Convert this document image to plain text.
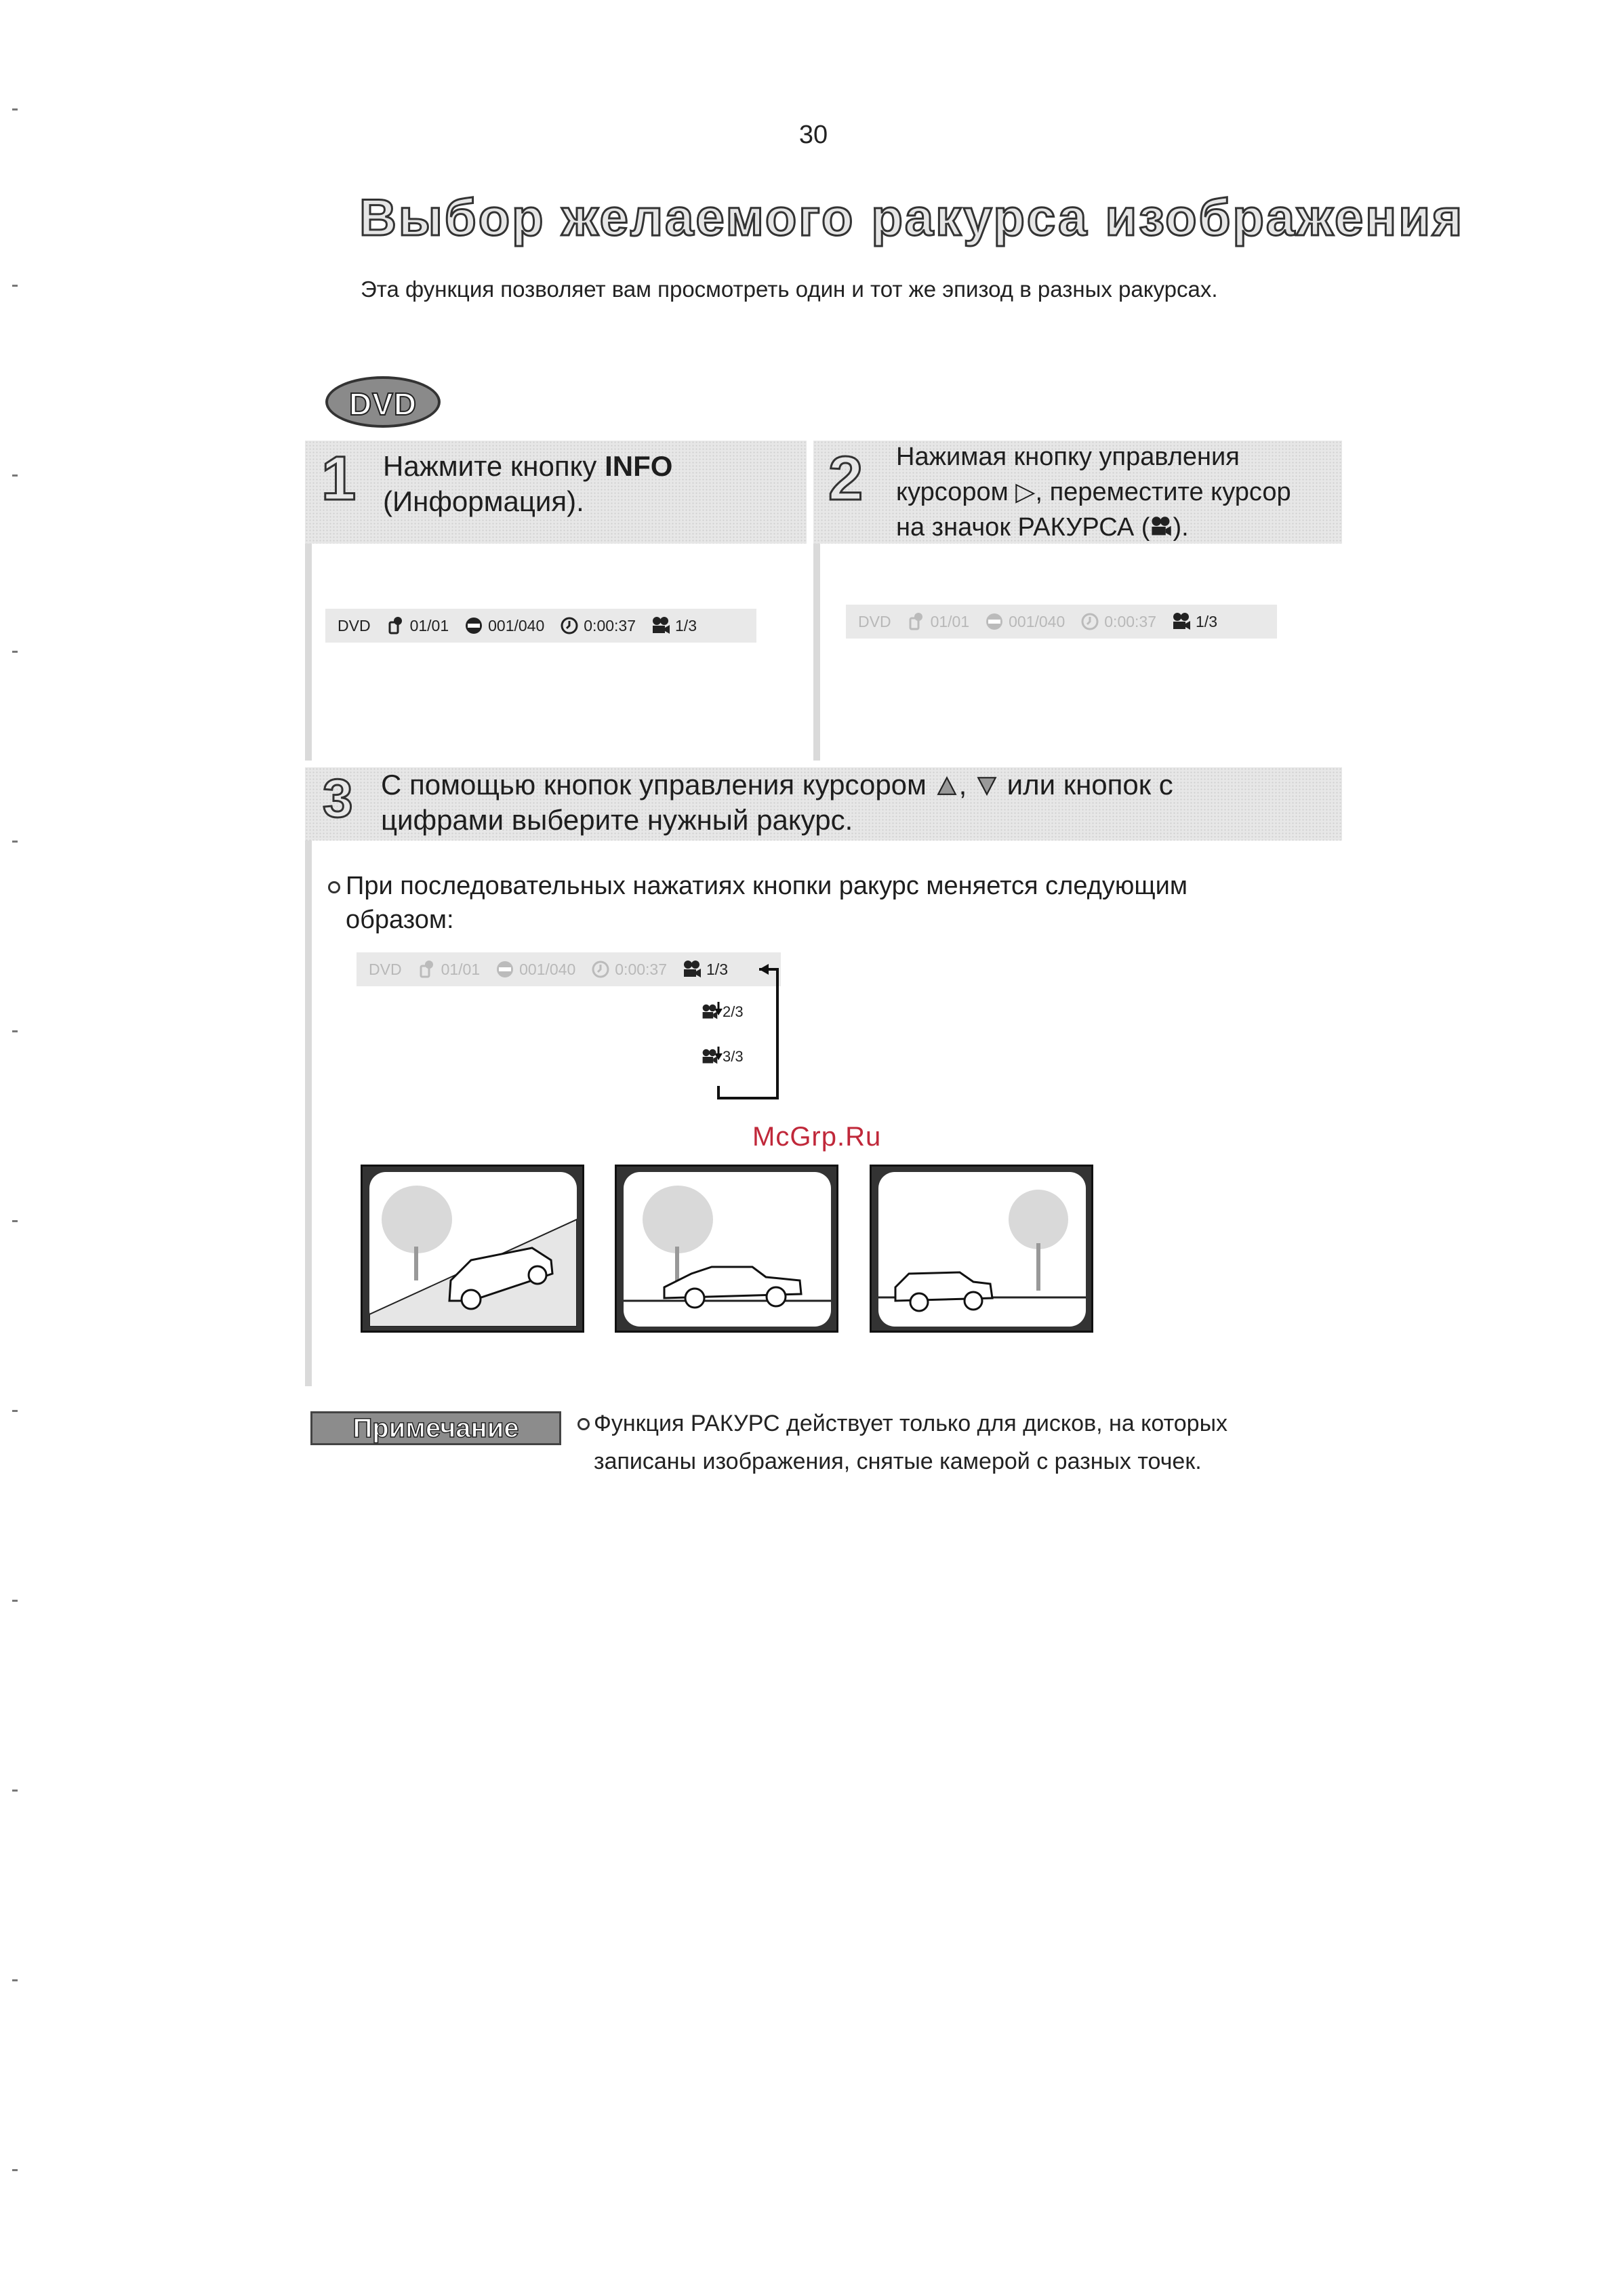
30
Выбор желаемого ракурса изображения
Эта функция позволяет вам просмотреть один и тот же эпизод в разных ракурсах.
DVD
1 Нажмите кнопку INFO
(Информация).
DVD	01/01	001/040	0:00:37	1/3
2 Нажимая кнопку управления
курсором ▷, переместите курсор
на значок РАКУРСА ( ).
DVD	01/01	001/040	0:00:37	1/3
3 С помощью кнопок управления курсором ,  или кнопок с
цифрами выберите нужный ракурс.
При последовательных нажатиях кнопки ракурс меняется следующим
образом:
DVD	01/01	001/040	0:00:37	1/3
2/3
3/3
McGrp.Ru
Примечание	Функция РАКУРС действует только для дисков, на которых
записаны изображения, снятые камерой с разных точек.
